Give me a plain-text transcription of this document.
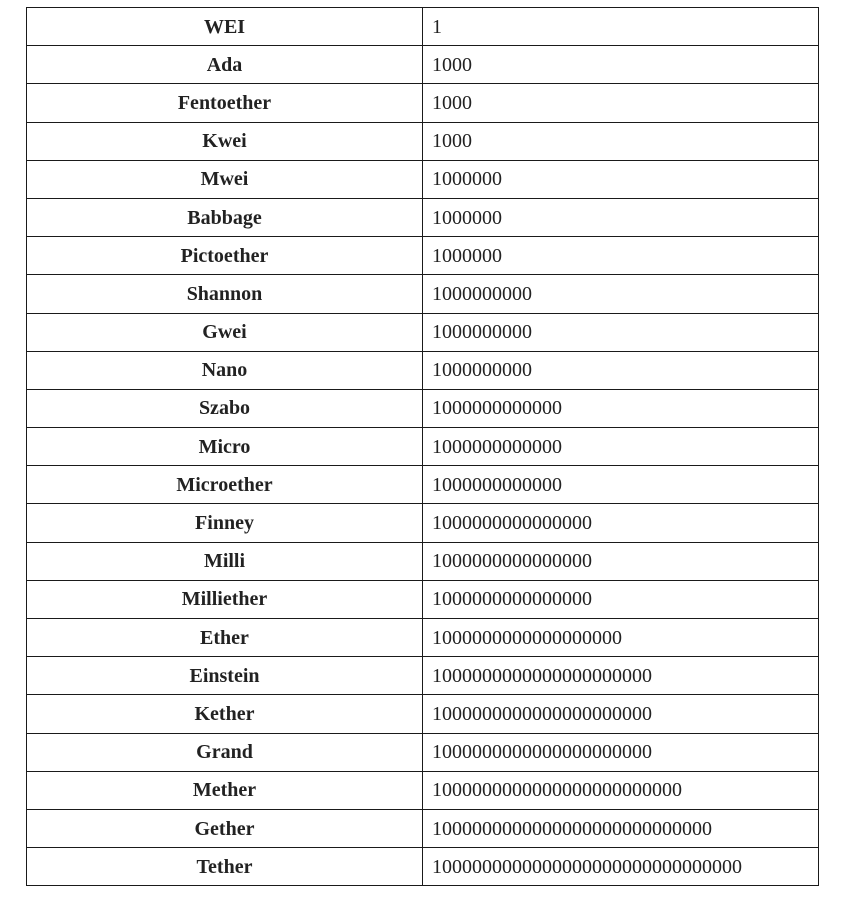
WEI	1
Ada	1000
Fentoether	1000
Kwei	1000
Mwei	1000000
Babbage	1000000
Pictoether	1000000
Shannon	1000000000
Gwei	1000000000
Nano	1000000000
Szabo	1000000000000
Micro	1000000000000
Microether	1000000000000
Finney	1000000000000000
Milli	1000000000000000
Milliether	1000000000000000
Ether	1000000000000000000
Einstein	1000000000000000000000
Kether	1000000000000000000000
Grand	1000000000000000000000
Mether	1000000000000000000000000
Gether	1000000000000000000000000000
Tether	1000000000000000000000000000000
